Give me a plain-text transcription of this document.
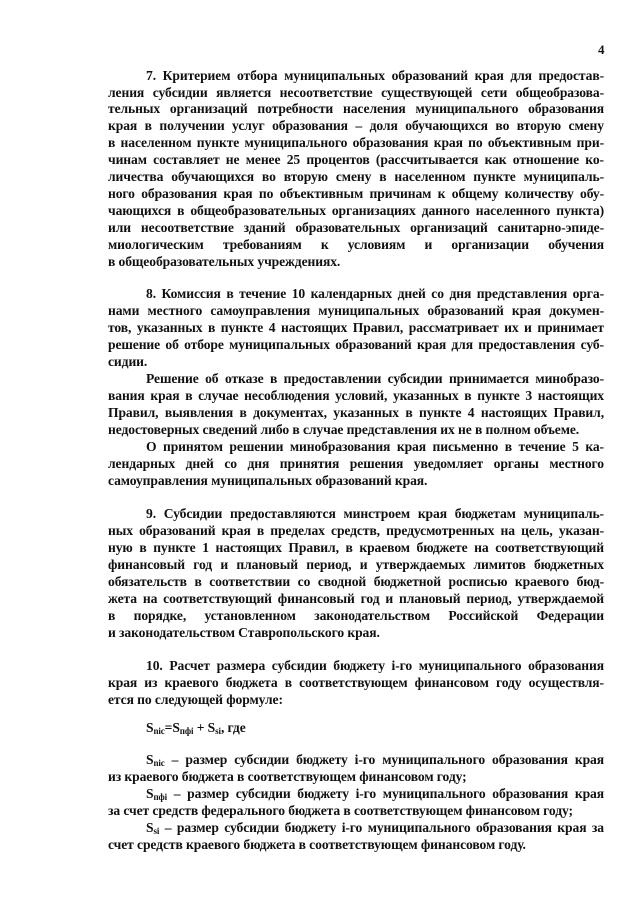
4
7. Критерием отбора муниципальных образований края для предостав-
ления субсидии является несоответствие существующей сети общеобразова-
тельных организаций потребности населения муниципального образования
края в получении услуг образования – доля обучающихся во вторую смену
в населенном пункте муниципального образования края по объективным при-
чинам составляет не менее 25 процентов (рассчитывается как отношение ко-
личества обучающихся во вторую смену в населенном пункте муниципаль-
ного образования края по объективным причинам к общему количеству обу-
чающихся в общеобразовательных организациях данного населенного пункта)
или несоответствие зданий образовательных организаций санитарно-эпиде-
миологическим требованиям к условиям и организации обучения
в общеобразовательных учреждениях.
8. Комиссия в течение 10 календарных дней со дня представления орга-
нами местного самоуправления муниципальных образований края докумен-
тов, указанных в пункте 4 настоящих Правил, рассматривает их и принимает
решение об отборе муниципальных образований края для предоставления суб-
сидии.
Решение об отказе в предоставлении субсидии принимается минобразо-
вания края в случае несоблюдения условий, указанных в пункте 3 настоящих
Правил, выявления в документах, указанных в пункте 4 настоящих Правил,
недостоверных сведений либо в случае представления их не в полном объеме.
О принятом решении минобразования края письменно в течение 5 ка-
лендарных дней со дня принятия решения уведомляет органы местного
самоуправления муниципальных образований края.
9. Субсидии предоставляются минстроем края бюджетам муниципаль-
ных образований края в пределах средств, предусмотренных на цель, указан-
ную в пункте 1 настоящих Правил, в краевом бюджете на соответствующий
финансовый год и плановый период, и утверждаемых лимитов бюджетных
обязательств в соответствии со сводной бюджетной росписью краевого бюд-
жета на соответствующий финансовый год и плановый период, утверждаемой
в порядке, установленном законодательством Российской Федерации
и законодательством Ставропольского края.
10. Расчет размера субсидии бюджету i-го муниципального образования
края из краевого бюджета в соответствующем финансовом году осуществля-
ется по следующей формуле:
$S_{nic}=S_{пфi} + S_{si}$, где
$S_{nic}$ – размер субсидии бюджету i-го муниципального образования края
из краевого бюджета в соответствующем финансовом году;
$S_{пфi}$ – размер субсидии бюджету i-го муниципального образования края
за счет средств федерального бюджета в соответствующем финансовом году;
$S_{si}$ – размер субсидии бюджету i-го муниципального образования края за
счет средств краевого бюджета в соответствующем финансовом году.
